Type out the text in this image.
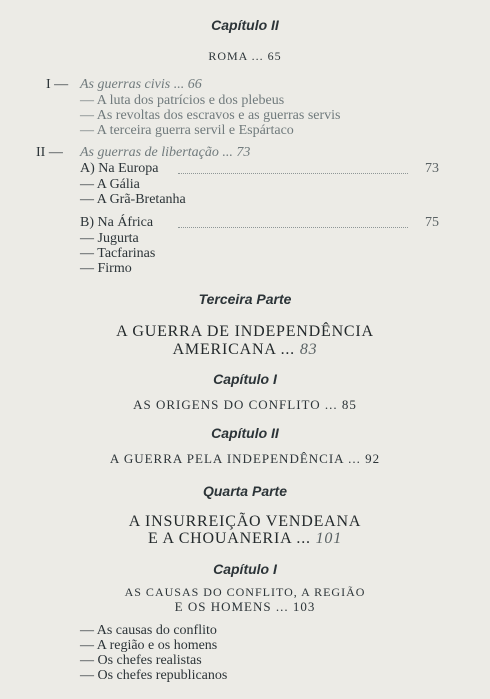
Capítulo II
ROMA ... 65
I — As guerras civis ... 66
— A luta dos patrícios e dos plebeus
— As revoltas dos escravos e as guerras servis
— A terceira guerra servil e Espártaco
II — As guerras de libertação ... 73
A) Na Europa	73
— A Gália
— A Grã-Bretanha
B) Na África	75
— Jugurta
— Tacfarinas
— Firmo
Terceira Parte
A GUERRA DE INDEPENDÊNCIA
AMERICANA ... 83
Capítulo I
AS ORIGENS DO CONFLITO ... 85
Capítulo II
A GUERRA PELA INDEPENDÊNCIA ... 92
Quarta Parte
A INSURREIÇÃO VENDEANA
E A CHOUANERIA ... 101
Capítulo I
AS CAUSAS DO CONFLITO, A REGIÃO
E OS HOMENS ... 103
— As causas do conflito
— A região e os homens
— Os chefes realistas
— Os chefes republicanos
